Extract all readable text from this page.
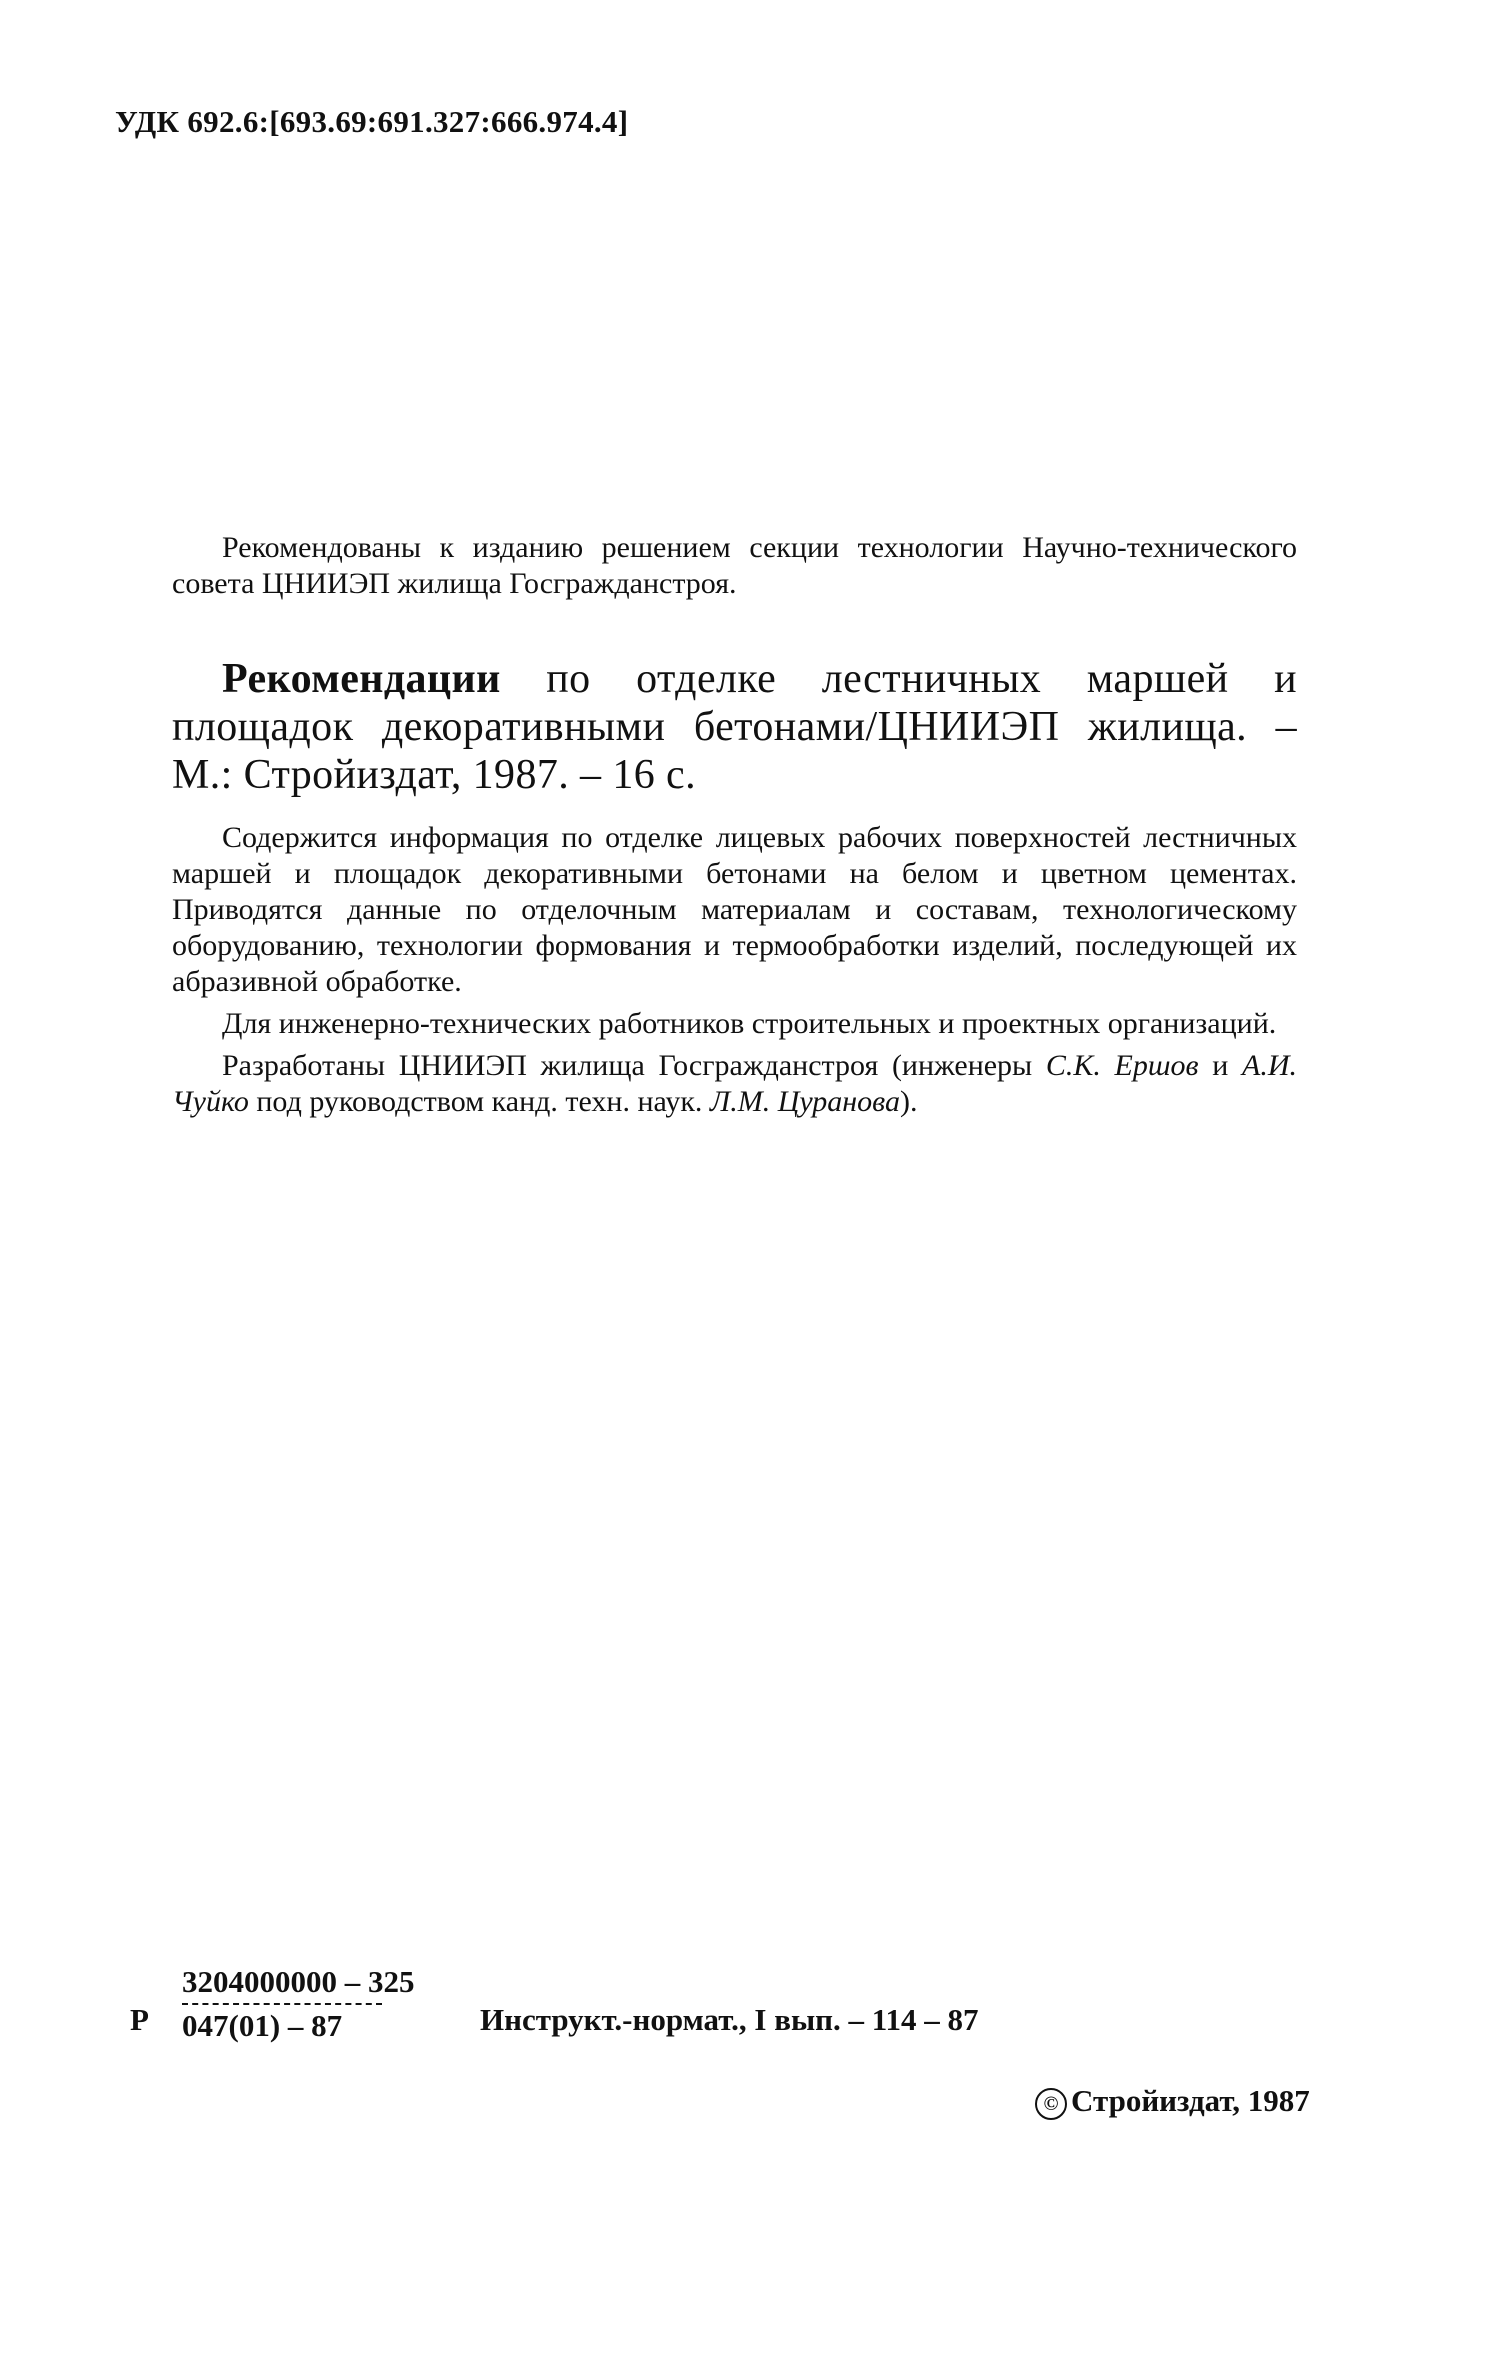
УДК 692.6:[693.69:691.327:666.974.4]

Рекомендованы к изданию решением секции технологии Научно-технического совета ЦНИИЭП жилища Госгражданстроя.

Рекомендации по отделке лестничных маршей и площадок декоративными бетонами/ЦНИИЭП жилища. – М.: Стройиздат, 1987. – 16 с.

Содержится информация по отделке лицевых рабочих поверхностей лестничных маршей и площадок декоративными бетонами на белом и цветном цементах. Приводятся данные по отделочным материалам и составам, технологическому оборудованию, технологии формования и термообработки изделий, последующей их абразивной обработке.

Для инженерно-технических работников строительных и проектных организаций.

Разработаны ЦНИИЭП жилища Госгражданстроя (инженеры С.К. Ершов и А.И. Чуйко под руководством канд. техн. наук. Л.М. Цуранова).

Р
3204000000 – 325
047(01) – 87	Инструкт.-нормат., I вып. – 114 – 87
© Стройиздат, 1987
